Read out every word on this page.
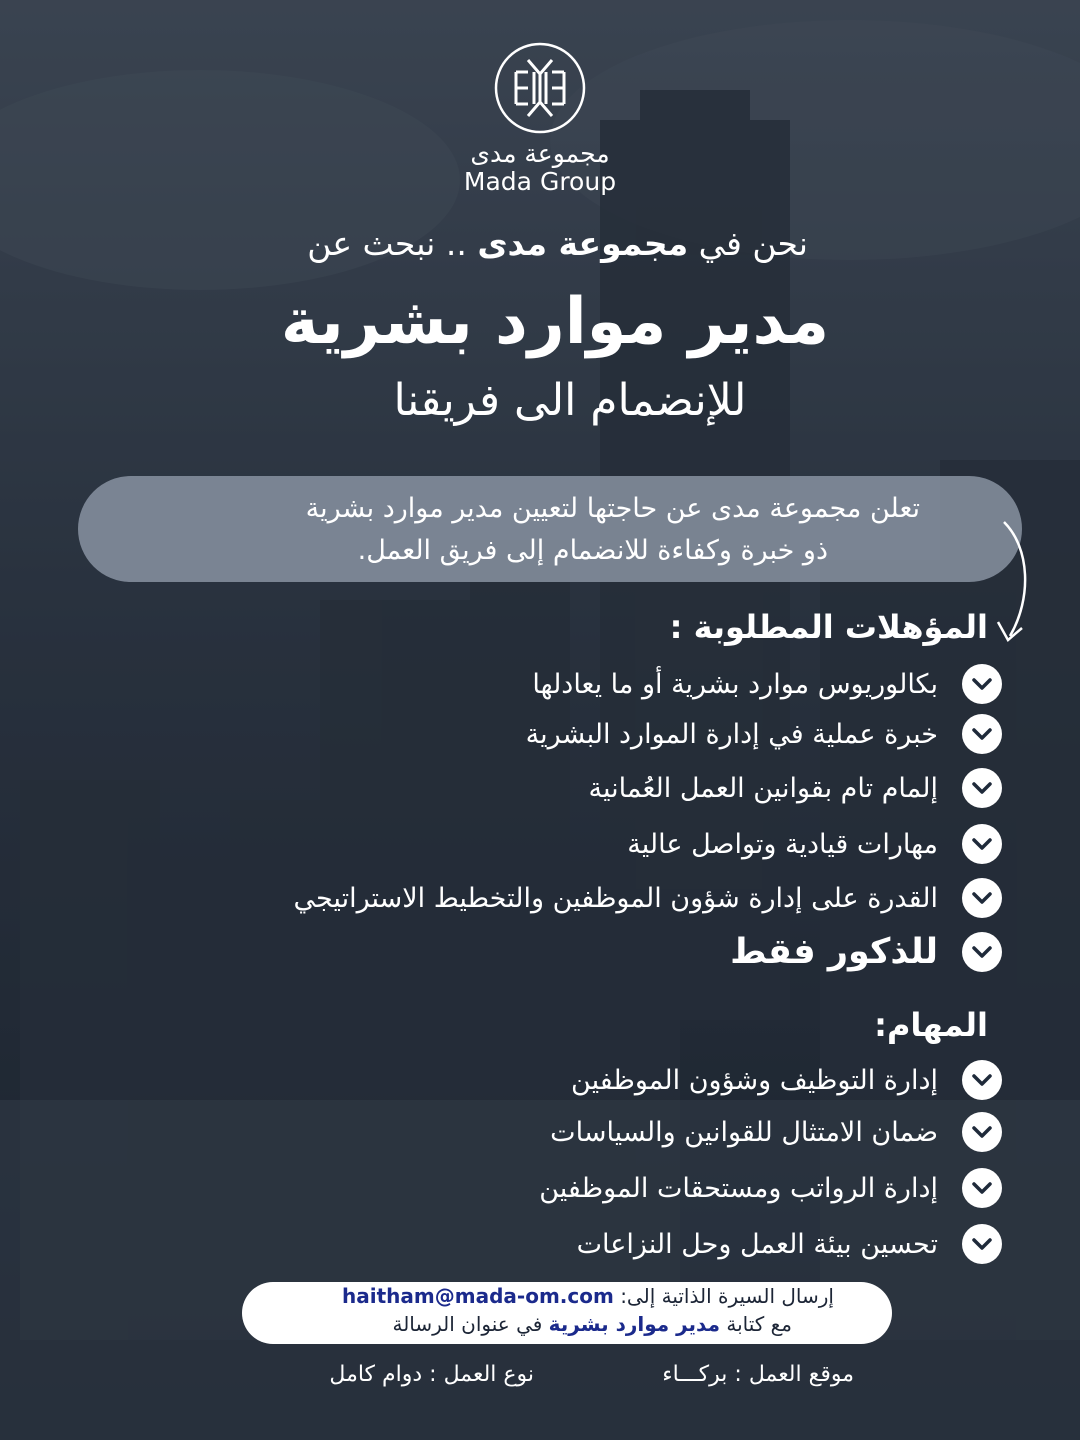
مجموعة مدى
Mada Group
نحن في مجموعة مدى .. نبحث عن
مدير موارد بشرية
للإنضمام الى فريقنا
تعلن مجموعة مدى عن حاجتها لتعيين مدير موارد بشرية
ذو خبرة وكفاءة للانضمام إلى فريق العمل.
المؤهلات المطلوبة :
بكالوريوس موارد بشرية أو ما يعادلها
خبرة عملية في إدارة الموارد البشرية
إلمام تام بقوانين العمل العُمانية
مهارات قيادية وتواصل عالية
القدرة على إدارة شؤون الموظفين والتخطيط الاستراتيجي
للذكور فقط
المهام:
إدارة التوظيف وشؤون الموظفين
ضمان الامتثال للقوانين والسياسات
إدارة الرواتب ومستحقات الموظفين
تحسين بيئة العمل وحل النزاعات
إرسال السيرة الذاتية إلى: haitham@mada-om.com
مع كتابة مدير موارد بشرية في عنوان الرسالة
موقع العمل : بركـــاء
نوع العمل : دوام كامل
